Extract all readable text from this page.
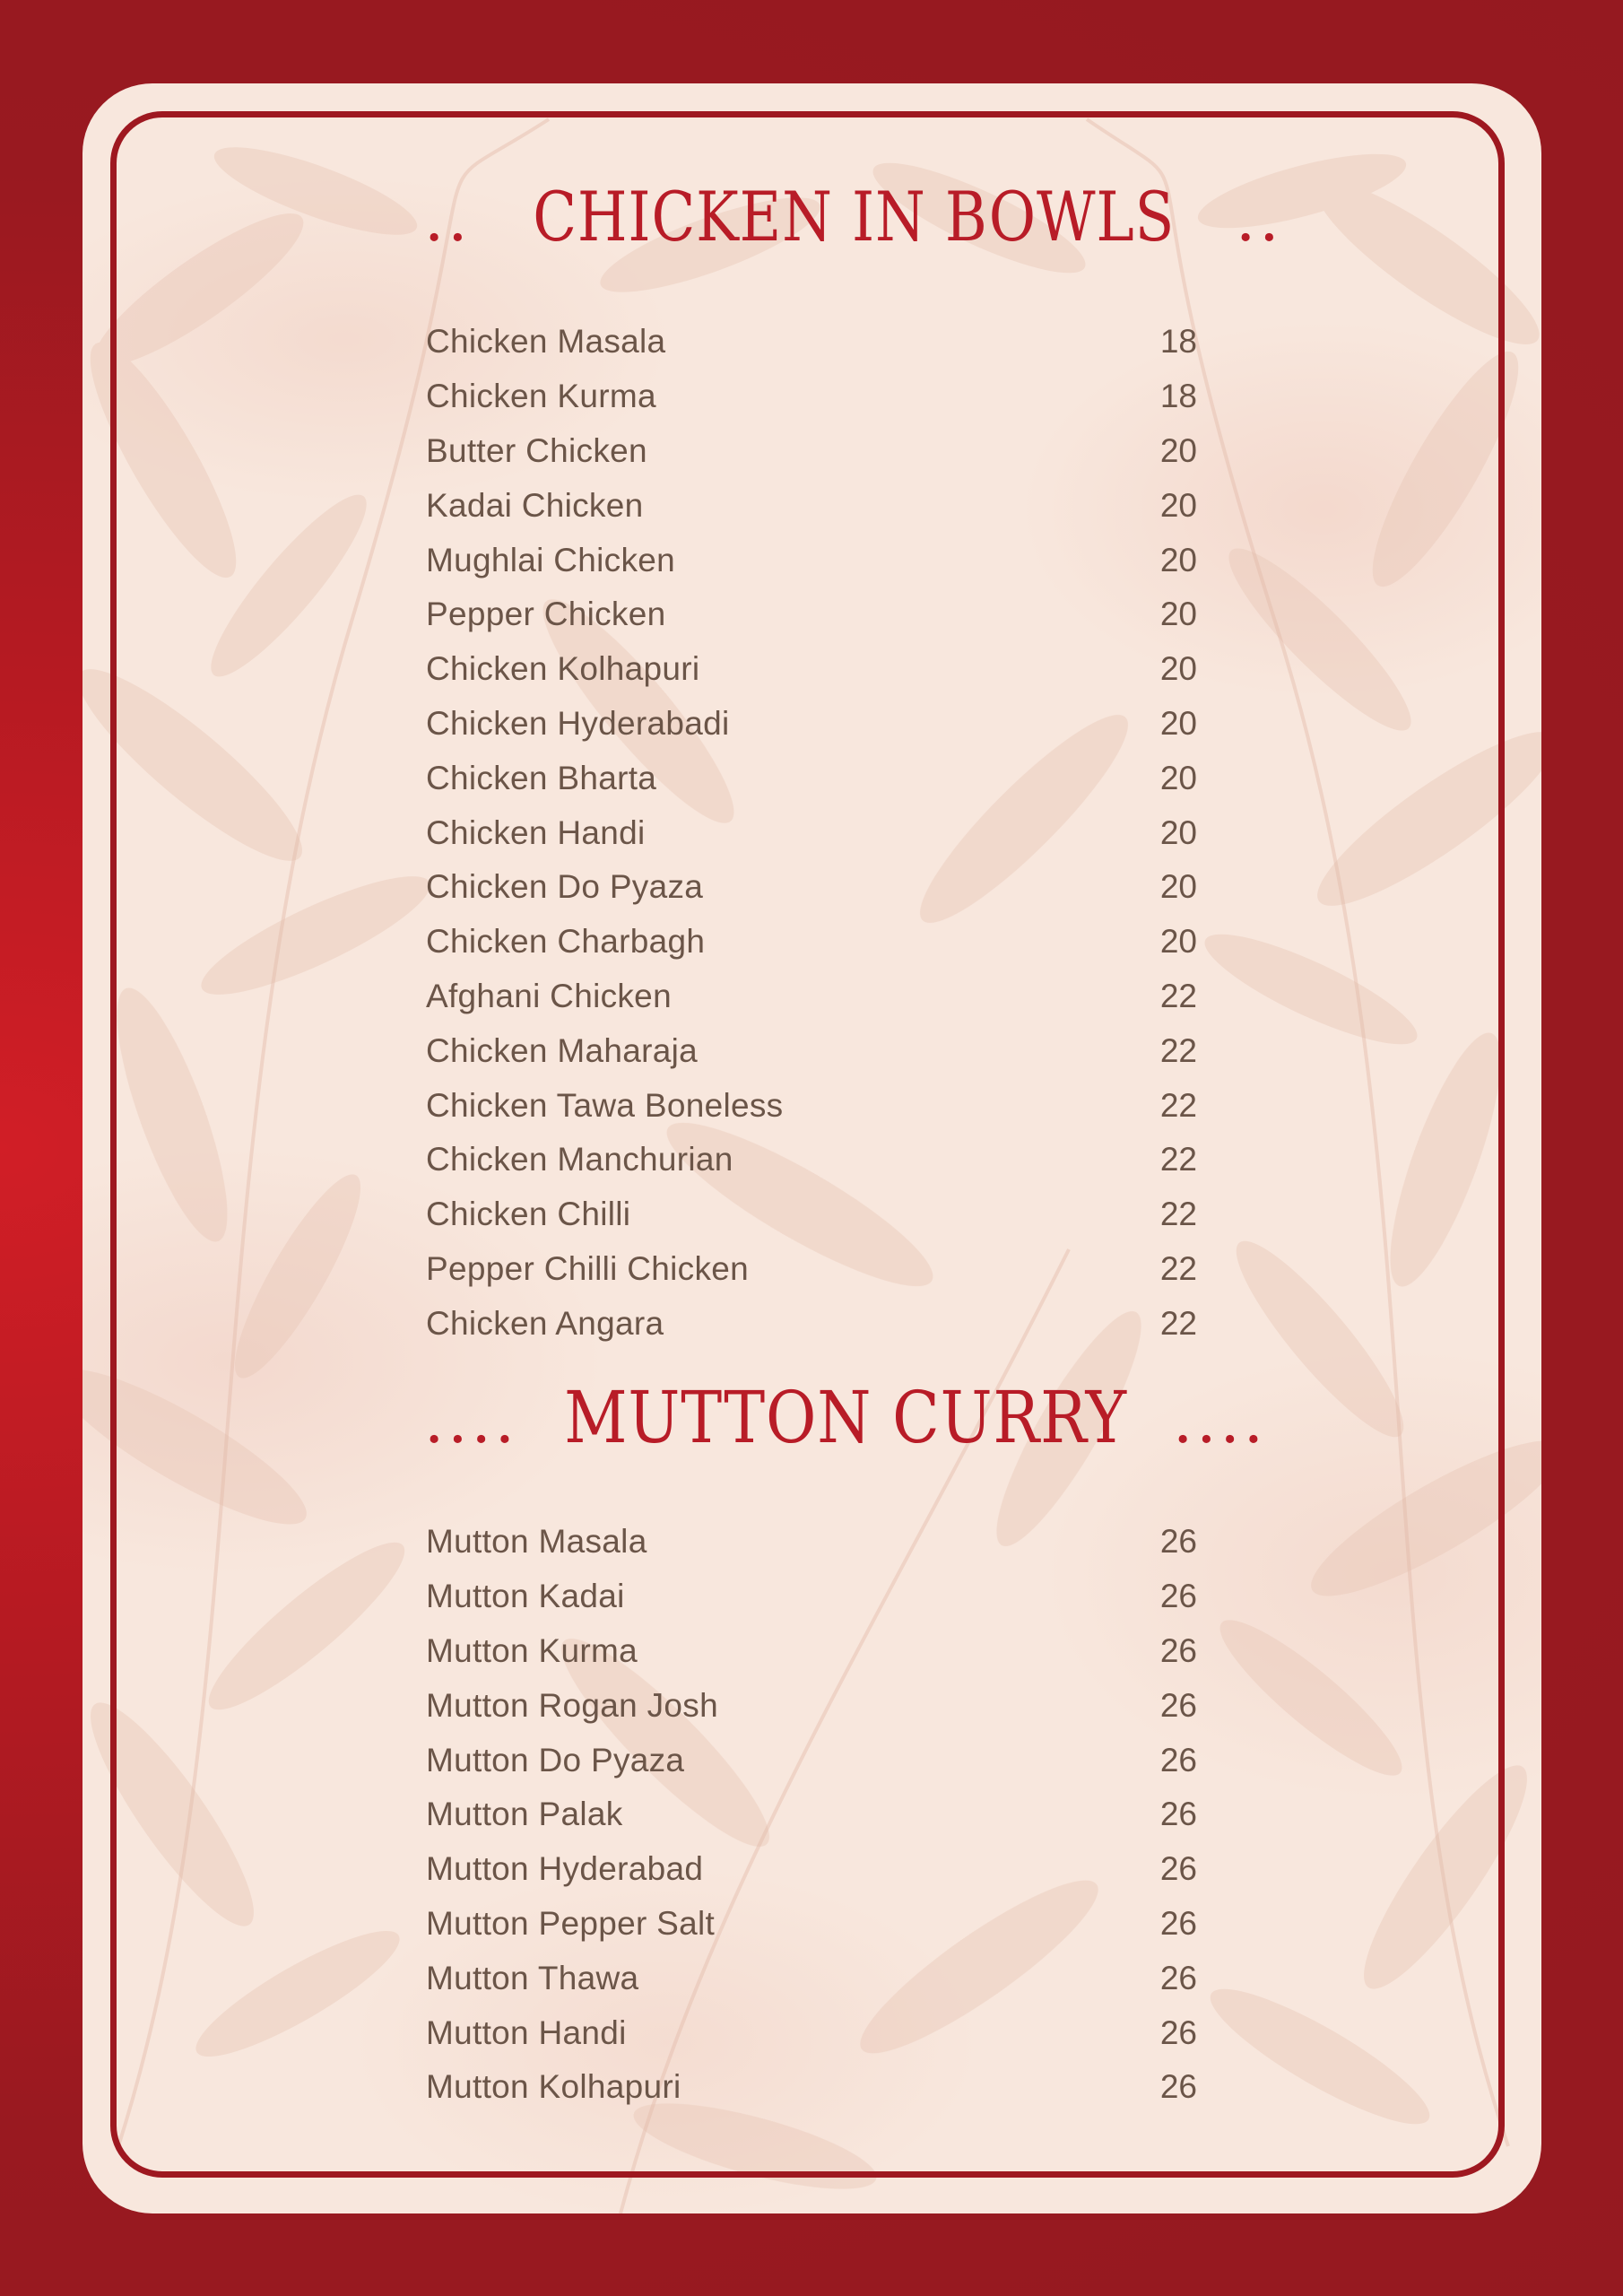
.. CHICKEN IN BOWLS ..
Chicken Masala	18
Chicken Kurma	18
Butter Chicken	20
Kadai Chicken	20
Mughlai Chicken	20
Pepper Chicken	20
Chicken Kolhapuri	20
Chicken Hyderabadi	20
Chicken Bharta	20
Chicken Handi	20
Chicken Do Pyaza	20
Chicken Charbagh	20
Afghani Chicken	22
Chicken Maharaja	22
Chicken Tawa Boneless	22
Chicken Manchurian	22
Chicken Chilli	22
Pepper Chilli Chicken	22
Chicken Angara	22
.... MUTTON CURRY ....
Mutton Masala	26
Mutton Kadai	26
Mutton Kurma	26
Mutton Rogan Josh	26
Mutton Do Pyaza	26
Mutton Palak	26
Mutton Hyderabad	26
Mutton Pepper Salt	26
Mutton Thawa	26
Mutton Handi	26
Mutton Kolhapuri	26
